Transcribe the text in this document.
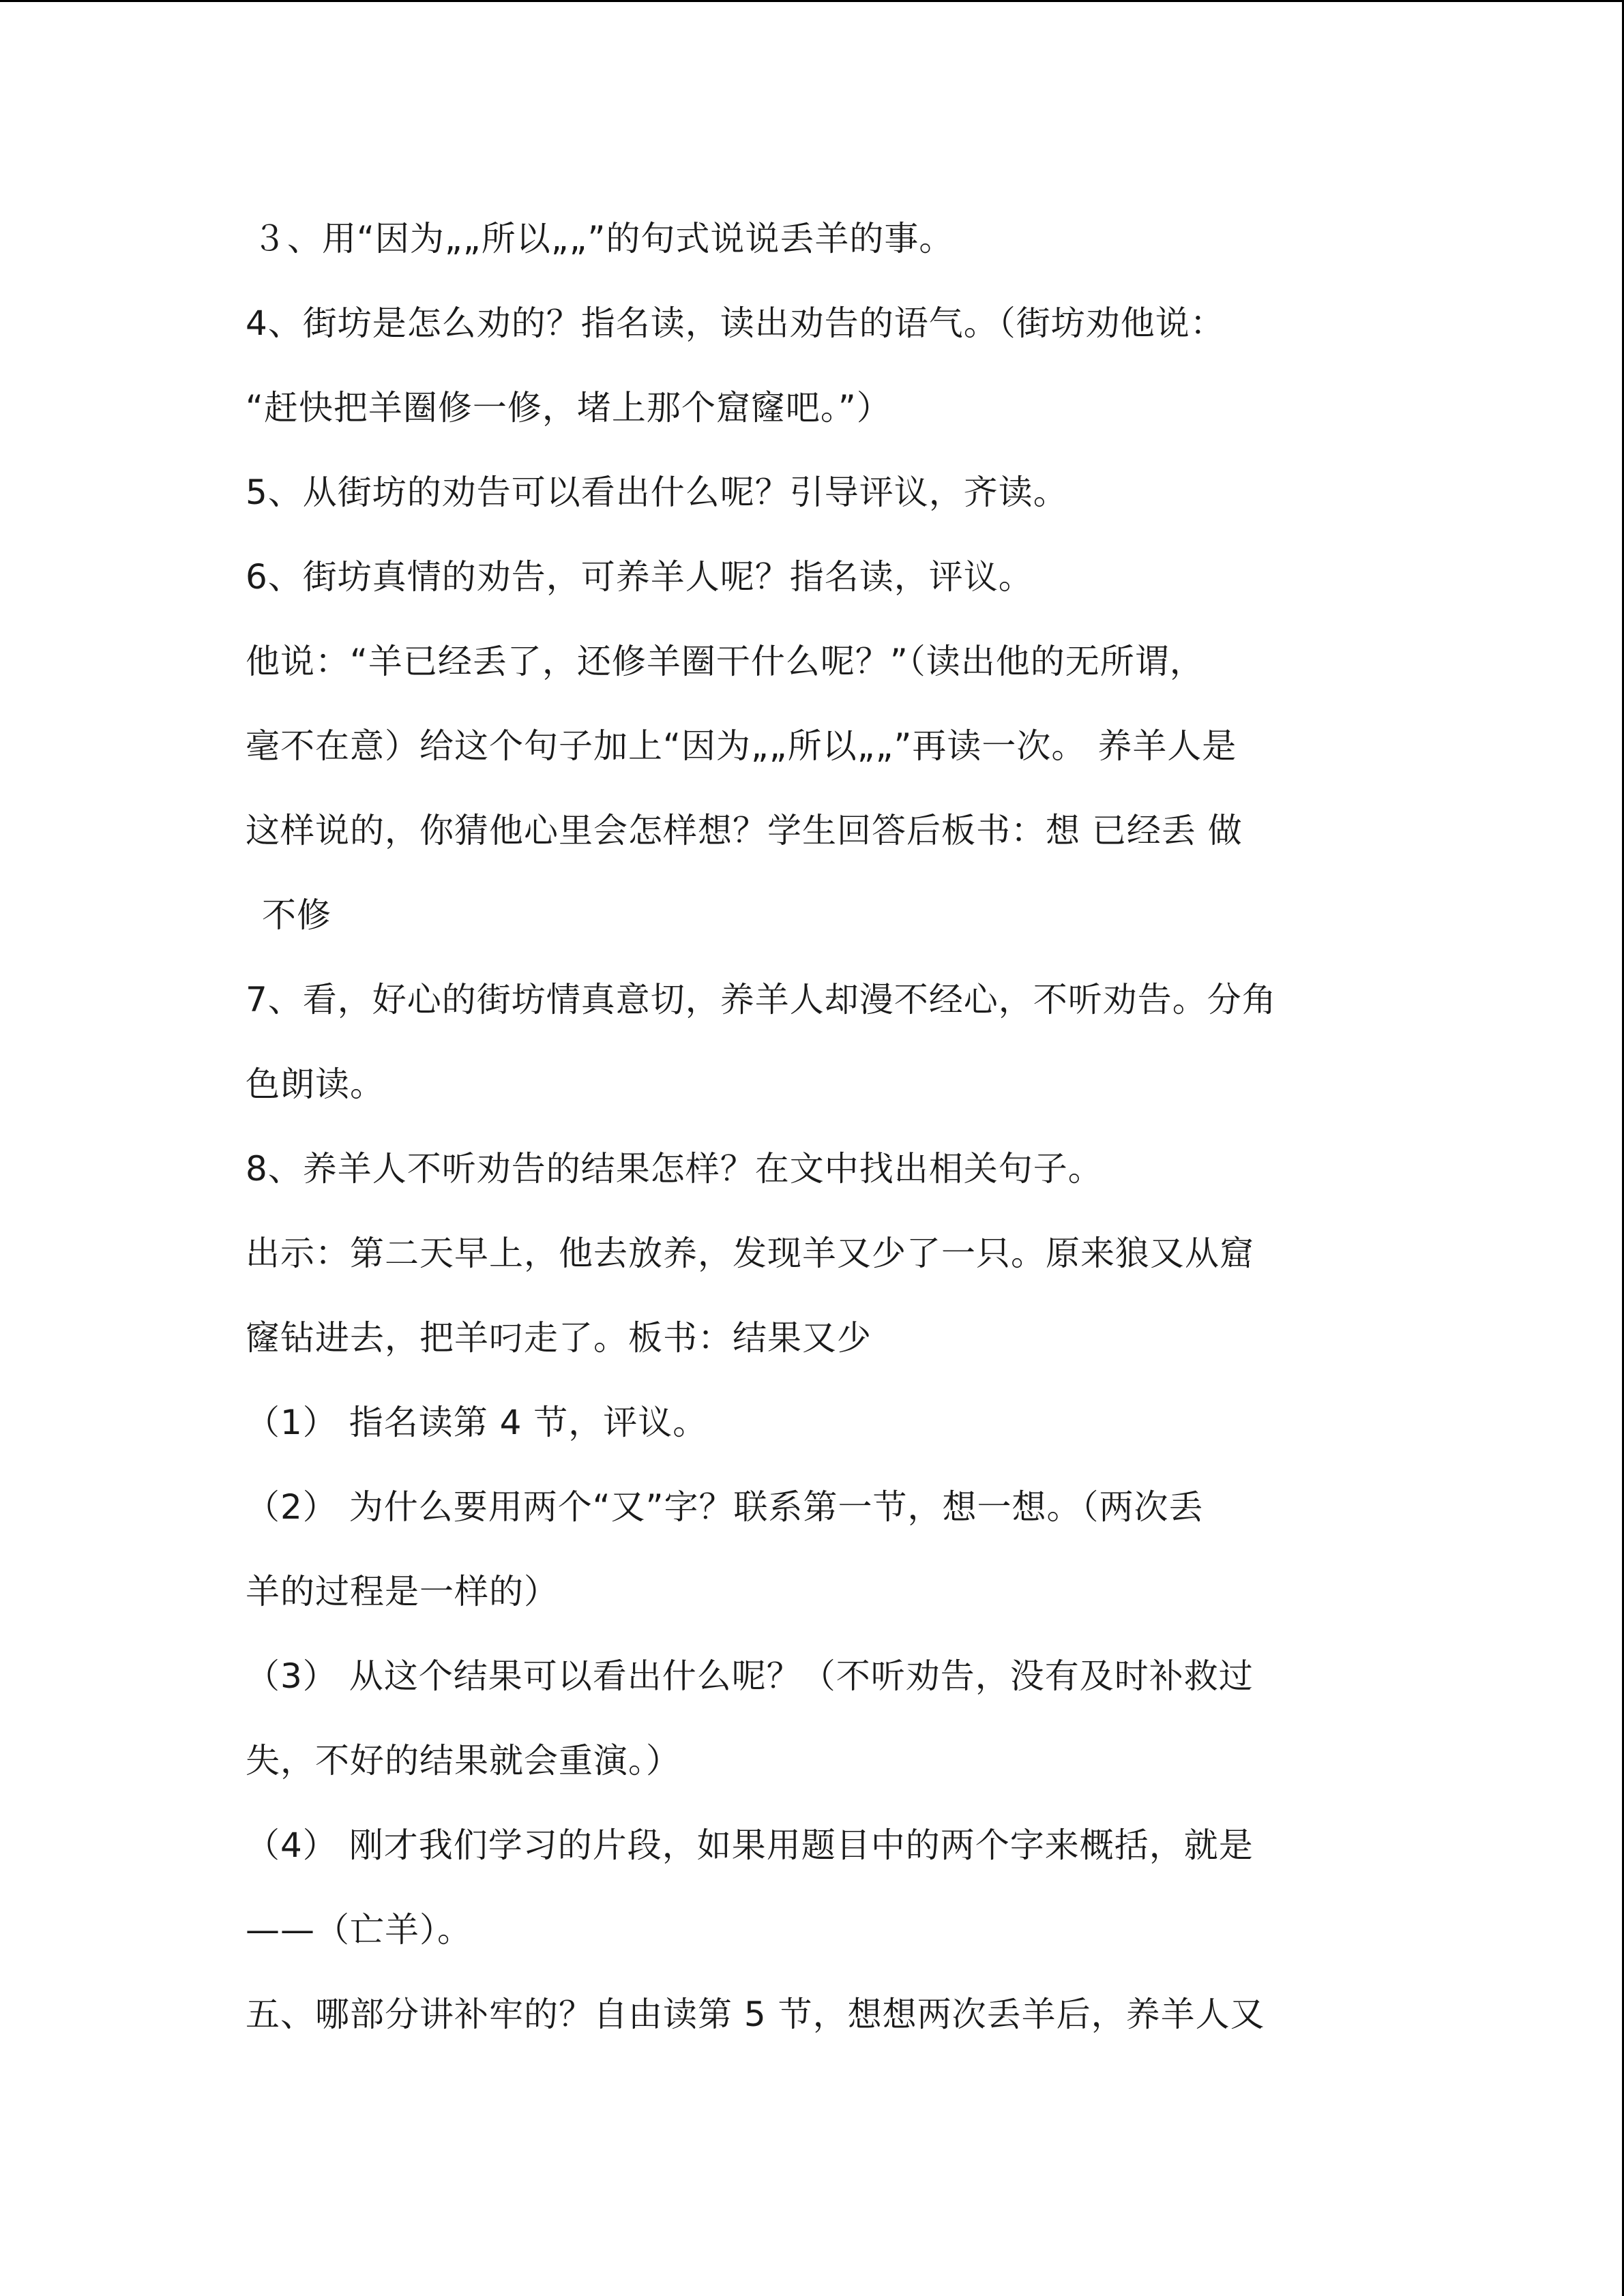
３、用“因为„„所以„„”的句式说说丢羊的事。
4、街坊是怎么劝的？指名读，读出劝告的语气。（街坊劝他说：
“赶快把羊圈修一修，堵上那个窟窿吧。”）
5、从街坊的劝告可以看出什么呢？引导评议，齐读。
6、街坊真情的劝告，可养羊人呢？指名读，评议。
他说：“羊已经丢了，还修羊圈干什么呢？”（读出他的无所谓，
毫不在意）给这个句子加上“因为„„所以„„”再读一次。 养羊人是
这样说的，你猜他心里会怎样想？学生回答后板书：想 已经丢 做
不修
7、看，好心的街坊情真意切，养羊人却漫不经心，不听劝告。分角
色朗读。
8、养羊人不听劝告的结果怎样？在文中找出相关句子。
出示：第二天早上，他去放养，发现羊又少了一只。原来狼又从窟
窿钻进去，把羊叼走了。板书：结果又少
（1） 指名读第 4 节，评议。
（2） 为什么要用两个“又”字？联系第一节，想一想。（两次丢
羊的过程是一样的）
（3） 从这个结果可以看出什么呢？（不听劝告，没有及时补救过
失，不好的结果就会重演。）
（4） 刚才我们学习的片段，如果用题目中的两个字来概括，就是
——（亡羊）。
五、哪部分讲补牢的？自由读第 5 节，想想两次丢羊后，养羊人又
